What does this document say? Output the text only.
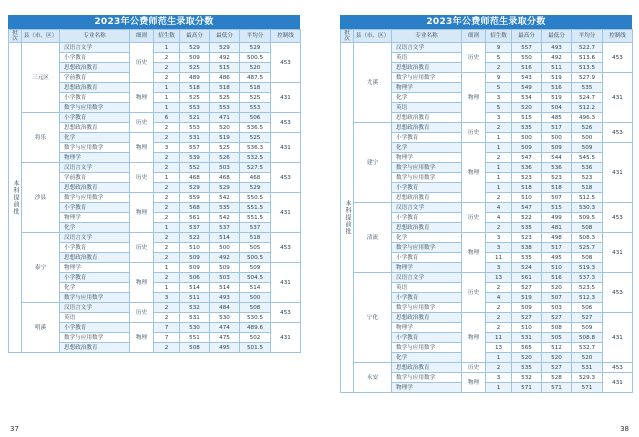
2023年公费师范生录取分数
批次	县（市、区）	专业名称	细则	招生数	最高分	最低分	平均分	控制线
本科提前批	三元区	汉语言文学	历史	1	529	529	529	453
		小学教育		2	509	492	500.5	
		思想政治教育		2	525	515	520	
		学前教育		2	489	486	487.5	
		思想政治教育	物理	1	518	518	518	431
		小学教育		1	525	525	525	
		数学与应用数学		1	553	553	553	
	将乐	小学教育	历史	6	521	471	506	453
		思想政治教育		2	553	520	536.5	
		化学	物理	2	531	519	525	431
		数学与应用数学		3	557	525	536.3	
		物理学		2	539	526	532.5	
	沙县	汉语言文学	历史	2	552	503	527.5	453
		学前教育		1	468	468	468	
		思想政治教育		2	529	529	529	
		数学与应用数学	物理	2	559	542	550.5	431
		小学教育		2	568	535	551.5	
		物理学		2	561	542	551.5	
		化学		1	537	537	537	
	泰宁	汉语言文学	历史	2	522	514	518	453
		小学教育		2	510	500	505	
		思想政治教育		2	509	492	500.5	
		物理学	物理	1	509	509	509	431
		小学教育		2	506	503	504.5	
		化学		1	514	514	514	
		数学与应用数学		3	511	493	500	
	明溪	汉语言文学	历史	2	532	484	508	453
		英语		2	531	530	530.5	
		小学教育	物理	7	530	474	489.6	431
		数学与应用数学		7	551	475	502	
		思想政治教育		2	508	495	501.5	
2023年公费师范生录取分数
批次	县（市、区）	专业名称	细则	招生数	最高分	最低分	平均分	控制线
本科提前批	尤溪	汉语言文学	历史	9	557	493	522.7	453
		英语		5	550	492	513.6	
		思想政治教育		2	516	511	513.5	
		数学与应用数学	物理	9	543	519	527.9	431
		物理学		5	549	516	535	
		化学		3	534	519	524.7	
		英语		5	520	504	512.2	
		思想政治教育		3	515	485	496.3	
	建宁	思想政治教育	历史	2	535	517	526	453
		小学教育		1	500	500	500	
		化学	物理	1	509	509	509	431
		物理学		2	547	544	545.5	
		数学与应用数学		1	536	536	536	
		数学与应用数学		1	523	523	523	
		小学教育		1	518	518	518	
		思想政治教育		2	510	507	512.5	
	清流	汉语言文学	历史	4	547	515	530.3	453
		小学教育		4	522	499	509.5	
		思想政治教育		2	535	481	508	
		化学	物理	3	523	498	508.3	431
		数学与应用数学		3	538	517	525.7	
		小学教育		11	535	495	508	
		物理学		3	524	510	519.3	
	宁化	汉语言文学	历史	13	561	516	537.3	453
		英语		2	527	520	523.5	
		小学教育		4	519	507	512.3	
		数学与应用数学		2	509	503	506	
		思想政治教育	物理	2	527	527	527	431
		物理学		2	510	508	509	
		小学教育		11	531	505	508.8	
		数学与应用数学		13	565	512	532.7	
		化学		1	520	520	520	
	永安	思想政治教育	历史	2	535	527	531	453
		数学与应用数学	物理	3	532	528	529.3	431
		物理学		1	571	571	571	
37	38
